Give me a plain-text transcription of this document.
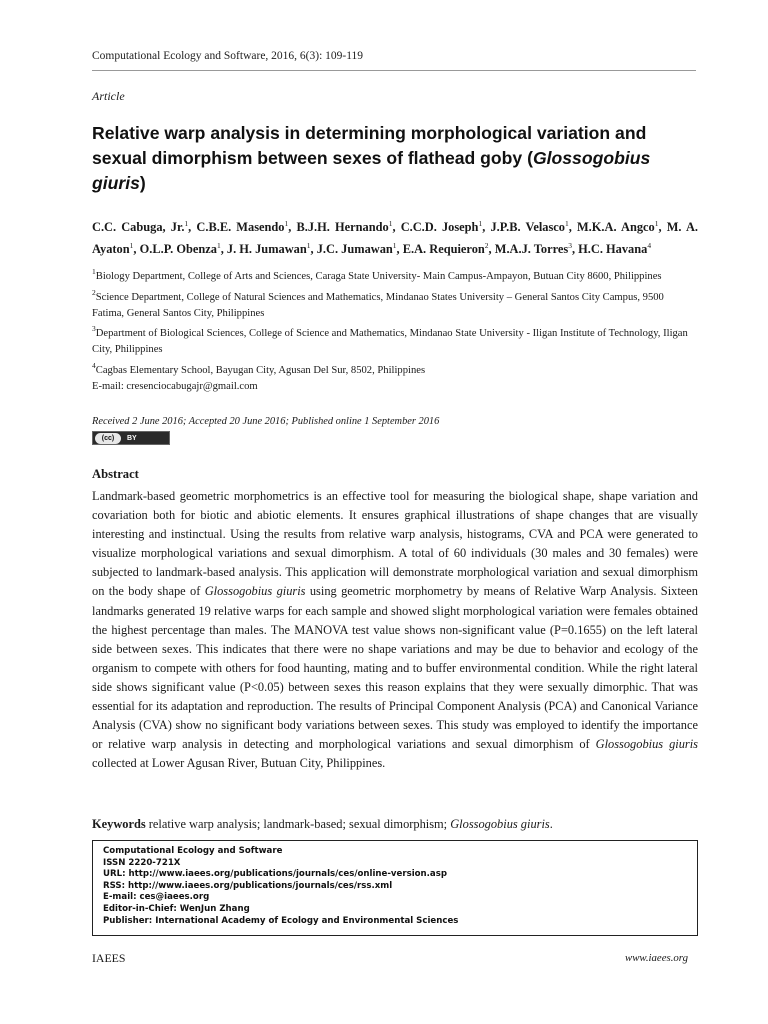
Computational Ecology and Software, 2016, 6(3): 109-119
Article
Relative warp analysis in determining morphological variation and sexual dimorphism between sexes of flathead goby (Glossogobius giuris)
C.C. Cabuga, Jr.$^1$, C.B.E. Masendo$^1$, B.J.H. Hernando$^1$, C.C.D. Joseph$^1$, J.P.B. Velasco$^1$, M.K.A. Angco$^1$, M. A. Ayaton$^1$, O.L.P. Obenza$^1$, J. H. Jumawan$^1$, J.C. Jumawan$^1$, E.A. Requieron$^2$, M.A.J. Torres$^3$, H.C. Havana$^4$

$^1$Biology Department, College of Arts and Sciences, Caraga State University- Main Campus-Ampayon, Butuan City 8600, Philippines

$^2$Science Department, College of Natural Sciences and Mathematics, Mindanao States University – General Santos City Campus, 9500 Fatima, General Santos City, Philippines

$^3$Department of Biological Sciences, College of Science and Mathematics, Mindanao State University - Iligan Institute of Technology, Iligan City, Philippines

$^4$Cagbas Elementary School, Bayugan City, Agusan Del Sur, 8502, Philippines

E-mail: cresenciocabugajr@gmail.com

Received 2 June 2016; Accepted 20 June 2016; Published online 1 September 2016
(cc)	BY
Abstract

Landmark-based geometric morphometrics is an effective tool for measuring the biological shape, shape variation and covariation both for biotic and abiotic elements. It ensures graphical illustrations of shape changes that are visually interesting and instinctual. Using the results from relative warp analysis, histograms, CVA and PCA were generated to visualize morphological variations and sexual dimorphism. A total of 60 individuals (30 males and 30 females) were subjected to landmark-based analysis. This application will demonstrate morphological variation and sexual dimorphism on the body shape of Glossogobius giuris using geometric morphometry by means of Relative Warp Analysis. Sixteen landmarks generated 19 relative warps for each sample and showed slight morphological variation were females obtained the highest percentage than males. The MANOVA test value shows non-significant value (P=0.1655) on the left lateral side between sexes. This indicates that there were no shape variations and may be due to behavior and ecology of the organism to compete with others for food haunting, mating and to buffer environmental condition. While the right lateral side shows significant value (P<0.05) between sexes this reason explains that they were sexually dimorphic. That was essential for its adaptation and reproduction. The results of Principal Component Analysis (PCA) and Canonical Variance Analysis (CVA) show no significant body variations between sexes. This study was employed to identify the importance or relative warp analysis in detecting and morphological variations and sexual dimorphism of Glossogobius giuris collected at Lower Agusan River, Butuan City, Philippines.

Keywords relative warp analysis; landmark-based; sexual dimorphism; Glossogobius giuris.

Computational Ecology and Software

ISSN 2220-721X

URL: http://www.iaees.org/publications/journals/ces/online-version.asp

RSS: http://www.iaees.org/publications/journals/ces/rss.xml

E-mail: ces@iaees.org

Editor-in-Chief: WenJun Zhang

Publisher: International Academy of Ecology and Environmental Sciences

IAEES	www.iaees.org
